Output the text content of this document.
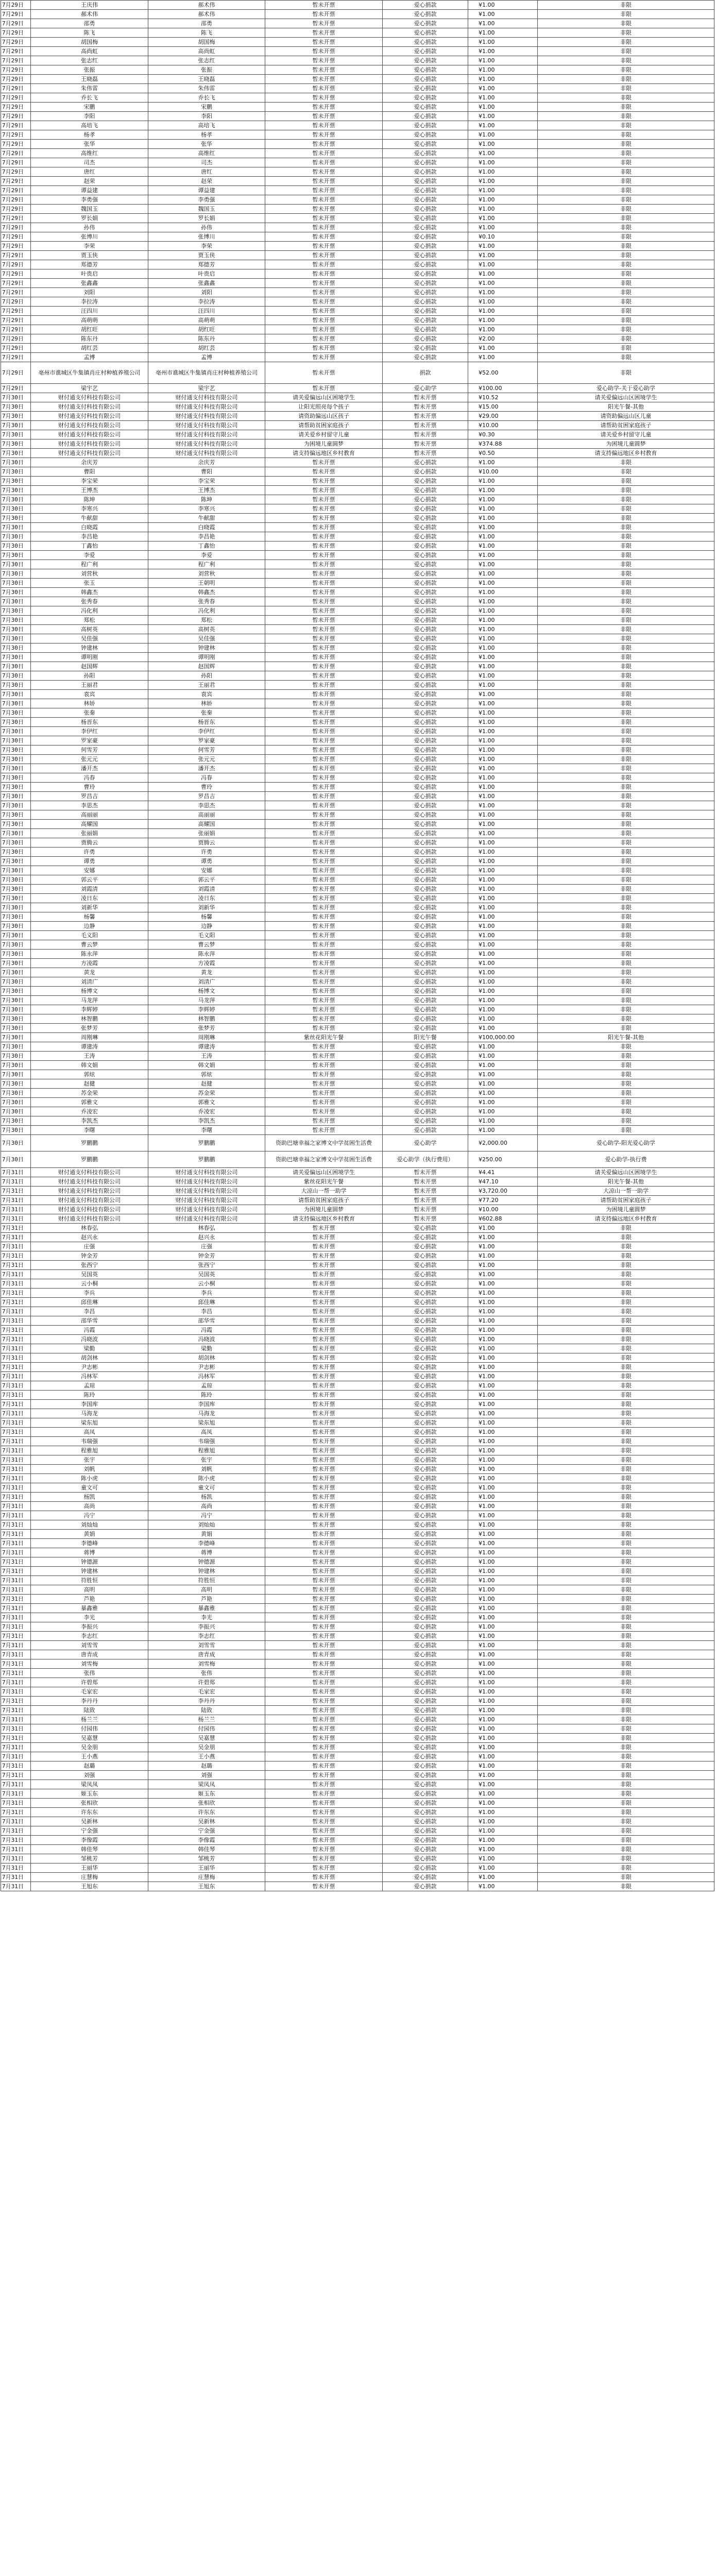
7月29日	王庆伟	郝术伟	暂未开票	爱心捐款	¥1.00	非限
7月29日	郝术伟	郝术伟	暂未开票	爱心捐款	¥1.00	非限
7月29日	邵勇	邵勇	暂未开票	爱心捐款	¥1.00	非限
7月29日	陈飞	陈飞	暂未开票	爱心捐款	¥1.00	非限
7月29日	胡国梅	胡国梅	暂未开票	爱心捐款	¥1.00	非限
7月29日	高尚虹	高尚虹	暂未开票	爱心捐款	¥1.00	非限
7月29日	张志红	张志红	暂未开票	爱心捐款	¥1.00	非限
7月29日	张振	张振	暂未开票	爱心捐款	¥1.00	非限
7月29日	王晓磊	王晓磊	暂未开票	爱心捐款	¥1.00	非限
7月29日	朱伟雷	朱伟雷	暂未开票	爱心捐款	¥1.00	非限
7月29日	乔长飞	乔长飞	暂未开票	爱心捐款	¥1.00	非限
7月29日	宋鹏	宋鹏	暂未开票	爱心捐款	¥1.00	非限
7月29日	李阳	李阳	暂未开票	爱心捐款	¥1.00	非限
7月29日	高培飞	高培飞	暂未开票	爱心捐款	¥1.00	非限
7月29日	杨孝	杨孝	暂未开票	爱心捐款	¥1.00	非限
7月29日	张华	张华	暂未开票	爱心捐款	¥1.00	非限
7月29日	高维红	高维红	暂未开票	爱心捐款	¥1.00	非限
7月29日	司杰	司杰	暂未开票	爱心捐款	¥1.00	非限
7月29日	唐红	唐红	暂未开票	爱心捐款	¥1.00	非限
7月29日	赵荣	赵荣	暂未开票	爱心捐款	¥1.00	非限
7月29日	谭益建	谭益建	暂未开票	爱心捐款	¥1.00	非限
7月29日	李勇强	李勇强	暂未开票	爱心捐款	¥1.00	非限
7月29日	魏国玉	魏国玉	暂未开票	爱心捐款	¥1.00	非限
7月29日	罗长娟	罗长娟	暂未开票	爱心捐款	¥1.00	非限
7月29日	孙伟	孙伟	暂未开票	爱心捐款	¥1.00	非限
7月29日	张博川	张博川	暂未开票	爱心捐款	¥0.10	非限
7月29日	李荣	李荣	暂未开票	爱心捐款	¥1.00	非限
7月29日	贾玉侠	贾玉侠	暂未开票	爱心捐款	¥1.00	非限
7月29日	郑德芳	郑德芳	暂未开票	爱心捐款	¥1.00	非限
7月29日	叶贵启	叶贵启	暂未开票	爱心捐款	¥1.00	非限
7月29日	张鑫鑫	张鑫鑫	暂未开票	爱心捐款	¥1.00	非限
7月29日	刘阳	刘阳	暂未开票	爱心捐款	¥1.00	非限
7月29日	李拉涛	李拉涛	暂未开票	爱心捐款	¥1.00	非限
7月29日	汪四川	汪四川	暂未开票	爱心捐款	¥1.00	非限
7月29日	高萌萌	高萌萌	暂未开票	爱心捐款	¥1.00	非限
7月29日	胡红旺	胡红旺	暂未开票	爱心捐款	¥1.00	非限
7月29日	陈东丹	陈东丹	暂未开票	爱心捐款	¥2.00	非限
7月29日	胡红芸	胡红芸	暂未开票	爱心捐款	¥1.00	非限
7月29日	孟博	孟博	暂未开票	爱心捐款	¥1.00	非限
7月29日	亳州市谯城区牛集镇肖庄村种植养殖公司	亳州市谯城区牛集镇肖庄村种植养殖公司	暂未开票	捐款	¥52.00	非限
7月29日	梁宇艺	梁宇艺	暂未开票	爱心助学	¥100.00	爱心助学-关于爱心助学
7月30日	财付通支付科技有限公司	财付通支付科技有限公司	请关爱偏远山区困境学生	暂未开票	¥10.52	请关爱偏远山区困境学生
7月30日	财付通支付科技有限公司	财付通支付科技有限公司	让阳光照亮每个孩子	暂未开票	¥15.00	阳光午餐-其他
7月30日	财付通支付科技有限公司	财付通支付科技有限公司	请资助偏远山区孩子	暂未开票	¥29.00	请资助偏远山区儿童
7月30日	财付通支付科技有限公司	财付通支付科技有限公司	请帮助贫困家庭孩子	暂未开票	¥10.00	请帮助贫困家庭孩子
7月30日	财付通支付科技有限公司	财付通支付科技有限公司	请关爱乡村留守儿童	暂未开票	¥0.30	请关爱乡村留守儿童
7月30日	财付通支付科技有限公司	财付通支付科技有限公司	为困境儿童圆梦	暂未开票	¥374.88	为困境儿童圆梦
7月30日	财付通支付科技有限公司	财付通支付科技有限公司	请支持偏远地区乡村教育	暂未开票	¥0.50	请支持偏远地区乡村教育
7月30日	余庆芳	余庆芳	暂未开票	爱心捐款	¥1.00	非限
7月30日	曹阳	曹阳	暂未开票	爱心捐款	¥10.00	非限
7月30日	李宝荣	李宝荣	暂未开票	爱心捐款	¥1.00	非限
7月30日	王博杰	王博杰	暂未开票	爱心捐款	¥1.00	非限
7月30日	陈坤	陈坤	暂未开票	爱心捐款	¥1.00	非限
7月30日	李寒兴	李寒兴	暂未开票	爱心捐款	¥1.00	非限
7月30日	牛献甜	牛献甜	暂未开票	爱心捐款	¥1.00	非限
7月30日	白晓霞	白晓霞	暂未开票	爱心捐款	¥1.00	非限
7月30日	李昌艳	李昌艳	暂未开票	爱心捐款	¥1.00	非限
7月30日	丁鑫怡	丁鑫怡	暂未开票	爱心捐款	¥1.00	非限
7月30日	李爱	李爱	暂未开票	爱心捐款	¥1.00	非限
7月30日	程广利	程广利	暂未开票	爱心捐款	¥1.00	非限
7月30日	刘营秋	刘营秋	暂未开票	爱心捐款	¥1.00	非限
7月30日	张玉	王朝明	暂未开票	爱心捐款	¥1.00	非限
7月30日	韩鑫杰	韩鑫杰	暂未开票	爱心捐款	¥1.00	非限
7月30日	张秀春	张秀春	暂未开票	爱心捐款	¥1.00	非限
7月30日	冯化利	冯化利	暂未开票	爱心捐款	¥1.00	非限
7月30日	郑松	郑松	暂未开票	爱心捐款	¥1.00	非限
7月30日	高树英	高树英	暂未开票	爱心捐款	¥1.00	非限
7月30日	吴佳强	吴佳强	暂未开票	爱心捐款	¥1.00	非限
7月30日	钟建林	钟建林	暂未开票	爱心捐款	¥1.00	非限
7月30日	谭明刚	谭明刚	暂未开票	爱心捐款	¥1.00	非限
7月30日	赵国辉	赵国辉	暂未开票	爱心捐款	¥1.00	非限
7月30日	孙阳	孙阳	暂未开票	爱心捐款	¥1.00	非限
7月30日	王丽君	王丽君	暂未开票	爱心捐款	¥1.00	非限
7月30日	袁宾	袁宾	暂未开票	爱心捐款	¥1.00	非限
7月30日	林娇	林娇	暂未开票	爱心捐款	¥1.00	非限
7月30日	张秦	张秦	暂未开票	爱心捐款	¥1.00	非限
7月30日	杨晋东	杨晋东	暂未开票	爱心捐款	¥1.00	非限
7月30日	李伊红	李伊红	暂未开票	爱心捐款	¥1.00	非限
7月30日	罗家豪	罗家豪	暂未开票	爱心捐款	¥1.00	非限
7月30日	何雪芳	何雪芳	暂未开票	爱心捐款	¥1.00	非限
7月30日	张元元	张元元	暂未开票	爱心捐款	¥1.00	非限
7月30日	潘开杰	潘开杰	暂未开票	爱心捐款	¥1.00	非限
7月30日	冯春	冯春	暂未开票	爱心捐款	¥1.00	非限
7月30日	曹玲	曹玲	暂未开票	爱心捐款	¥1.00	非限
7月30日	罗昌吉	罗昌吉	暂未开票	爱心捐款	¥1.00	非限
7月30日	李思杰	李思杰	暂未开票	爱心捐款	¥1.00	非限
7月30日	高丽丽	高丽丽	暂未开票	爱心捐款	¥1.00	非限
7月30日	高耀国	高耀国	暂未开票	爱心捐款	¥1.00	非限
7月30日	张丽娟	张丽娟	暂未开票	爱心捐款	¥1.00	非限
7月30日	贾腾云	贾腾云	暂未开票	爱心捐款	¥1.00	非限
7月30日	许勇	许勇	暂未开票	爱心捐款	¥1.00	非限
7月30日	谭勇	谭勇	暂未开票	爱心捐款	¥1.00	非限
7月30日	安娜	安娜	暂未开票	爱心捐款	¥1.00	非限
7月30日	郭云平	郭云平	暂未开票	爱心捐款	¥1.00	非限
7月30日	刘霞清	刘霞清	暂未开票	爱心捐款	¥1.00	非限
7月30日	凌日东	凌日东	暂未开票	爱心捐款	¥1.00	非限
7月30日	刘新华	刘新华	暂未开票	爱心捐款	¥1.00	非限
7月30日	杨馨	杨馨	暂未开票	爱心捐款	¥1.00	非限
7月30日	边静	边静	暂未开票	爱心捐款	¥1.00	非限
7月30日	毛义阳	毛义阳	暂未开票	爱心捐款	¥1.00	非限
7月30日	曹云梦	曹云梦	暂未开票	爱心捐款	¥1.00	非限
7月30日	陈永萍	陈永萍	暂未开票	爱心捐款	¥1.00	非限
7月30日	方凌霞	方凌霞	暂未开票	爱心捐款	¥1.00	非限
7月30日	黄龙	黄龙	暂未开票	爱心捐款	¥1.00	非限
7月30日	刘清广	刘清广	暂未开票	爱心捐款	¥1.00	非限
7月30日	杨博文	杨博文	暂未开票	爱心捐款	¥1.00	非限
7月30日	马龙萍	马龙萍	暂未开票	爱心捐款	¥1.00	非限
7月30日	李辉婷	李辉婷	暂未开票	爱心捐款	¥1.00	非限
7月30日	林智鹏	林智鹏	暂未开票	爱心捐款	¥1.00	非限
7月30日	张梦芳	张梦芳	暂未开票	爱心捐款	¥1.00	非限
7月30日	周刚琳	周刚琳	紫丝花阳光午餐	阳光午餐	¥100,000.00	阳光午餐-其他
7月30日	谭建涛	谭建涛	暂未开票	爱心捐款	¥1.00	非限
7月30日	王涛	王涛	暂未开票	爱心捐款	¥1.00	非限
7月30日	韩文娟	韩文娟	暂未开票	爱心捐款	¥1.00	非限
7月30日	郭炫	郭炫	暂未开票	爱心捐款	¥1.00	非限
7月30日	赵健	赵健	暂未开票	爱心捐款	¥1.00	非限
7月30日	苏金荣	苏金荣	暂未开票	爱心捐款	¥1.00	非限
7月30日	郭雅文	郭雅文	暂未开票	爱心捐款	¥1.00	非限
7月30日	乔凌宏	乔凌宏	暂未开票	爱心捐款	¥1.00	非限
7月30日	李凯杰	李凯杰	暂未开票	爱心捐款	¥1.00	非限
7月30日	李曙	李曙	暂未开票	爱心捐款	¥1.00	非限
7月30日	罗鹏鹏	罗鹏鹏	资助巴塘幸福之家博文中学贫困生活费	爱心助学	¥2,000.00	爱心助学-阳光爱心助学
7月30日	罗鹏鹏	罗鹏鹏	资助巴塘幸福之家博文中学贫困生活费	爱心助学（执行费用）	¥250.00	爱心助学-执行费
7月31日	财付通支付科技有限公司	财付通支付科技有限公司	请关爱偏远山区困境学生	暂未开票	¥4.41	请关爱偏远山区困境学生
7月31日	财付通支付科技有限公司	财付通支付科技有限公司	紫丝花阳光午餐	暂未开票	¥47.10	阳光午餐-其他
7月31日	财付通支付科技有限公司	财付通支付科技有限公司	大凉山一帮一助学	暂未开票	¥3,720.00	大凉山一帮一助学
7月31日	财付通支付科技有限公司	财付通支付科技有限公司	请帮助贫困家庭孩子	暂未开票	¥77.20	请帮助贫困家庭孩子
7月31日	财付通支付科技有限公司	财付通支付科技有限公司	为困境儿童圆梦	暂未开票	¥10.00	为困境儿童圆梦
7月31日	财付通支付科技有限公司	财付通支付科技有限公司	请支持偏远地区乡村教育	暂未开票	¥602.88	请支持偏远地区乡村教育
7月31日	林春弘	林春弘	暂未开票	爱心捐款	¥1.00	非限
7月31日	赵兴永	赵兴永	暂未开票	爱心捐款	¥1.00	非限
7月31日	庄强	庄强	暂未开票	爱心捐款	¥1.00	非限
7月31日	钟金芳	钟金芳	暂未开票	爱心捐款	¥1.00	非限
7月31日	张西宁	张西宁	暂未开票	爱心捐款	¥1.00	非限
7月31日	吴国英	吴国英	暂未开票	爱心捐款	¥1.00	非限
7月31日	云小桐	云小桐	暂未开票	爱心捐款	¥1.00	非限
7月31日	李兵	李兵	暂未开票	爱心捐款	¥1.00	非限
7月31日	邱佳琳	邱佳琳	暂未开票	爱心捐款	¥1.00	非限
7月31日	李昌	李昌	暂未开票	爱心捐款	¥1.00	非限
7月31日	邵华雪	邵华雪	暂未开票	爱心捐款	¥1.00	非限
7月31日	冯霞	冯霞	暂未开票	爱心捐款	¥1.00	非限
7月31日	冯晓波	冯晓波	暂未开票	爱心捐款	¥1.00	非限
7月31日	梁勤	梁勤	暂未开票	爱心捐款	¥1.00	非限
7月31日	胡剑林	胡剑林	暂未开票	爱心捐款	¥1.00	非限
7月31日	尹志彬	尹志彬	暂未开票	爱心捐款	¥1.00	非限
7月31日	冯林军	冯林军	暂未开票	爱心捐款	¥1.00	非限
7月31日	孟琼	孟琼	暂未开票	爱心捐款	¥1.00	非限
7月31日	陈玲	陈玲	暂未开票	爱心捐款	¥1.00	非限
7月31日	李国库	李国库	暂未开票	爱心捐款	¥1.00	非限
7月31日	马海龙	马海龙	暂未开票	爱心捐款	¥1.00	非限
7月31日	梁东旭	梁东旭	暂未开票	爱心捐款	¥1.00	非限
7月31日	高凤	高凤	暂未开票	爱心捐款	¥1.00	非限
7月31日	韦瑞强	韦瑞强	暂未开票	爱心捐款	¥1.00	非限
7月31日	程雅旭	程雅旭	暂未开票	爱心捐款	¥1.00	非限
7月31日	张宇	张宇	暂未开票	爱心捐款	¥1.00	非限
7月31日	刘帆	刘帆	暂未开票	爱心捐款	¥1.00	非限
7月31日	陈小虎	陈小虎	暂未开票	爱心捐款	¥1.00	非限
7月31日	童文可	童文可	暂未开票	爱心捐款	¥1.00	非限
7月31日	杨凯	杨凯	暂未开票	爱心捐款	¥1.00	非限
7月31日	高尚	高尚	暂未开票	爱心捐款	¥1.00	非限
7月31日	冯宁	冯宁	暂未开票	爱心捐款	¥1.00	非限
7月31日	刘灿灿	刘灿灿	暂未开票	爱心捐款	¥1.00	非限
7月31日	黄娟	黄娟	暂未开票	爱心捐款	¥1.00	非限
7月31日	李德峰	李德峰	暂未开票	爱心捐款	¥1.00	非限
7月31日	蒋博	蒋博	暂未开票	爱心捐款	¥1.00	非限
7月31日	钟德源	钟德源	暂未开票	爱心捐款	¥1.00	非限
7月31日	钟建林	钟建林	暂未开票	爱心捐款	¥1.00	非限
7月31日	符胜恒	符胜恒	暂未开票	爱心捐款	¥1.00	非限
7月31日	高明	高明	暂未开票	爱心捐款	¥1.00	非限
7月31日	芦艳	芦艳	暂未开票	爱心捐款	¥1.00	非限
7月31日	暴鑫雅	暴鑫雅	暂未开票	爱心捐款	¥1.00	非限
7月31日	李光	李光	暂未开票	爱心捐款	¥1.00	非限
7月31日	李振兴	李振兴	暂未开票	爱心捐款	¥1.00	非限
7月31日	李志红	李志红	暂未开票	爱心捐款	¥1.00	非限
7月31日	刘雪雪	刘雪雪	暂未开票	爱心捐款	¥1.00	非限
7月31日	唐青成	唐青成	暂未开票	爱心捐款	¥1.00	非限
7月31日	刘雪梅	刘雪梅	暂未开票	爱心捐款	¥1.00	非限
7月31日	张伟	张伟	暂未开票	爱心捐款	¥1.00	非限
7月31日	许碧郑	许碧郑	暂未开票	爱心捐款	¥1.00	非限
7月31日	毛家宏	毛家宏	暂未开票	爱心捐款	¥1.00	非限
7月31日	李丹丹	李丹丹	暂未开票	爱心捐款	¥1.00	非限
7月31日	陆致	陆致	暂未开票	爱心捐款	¥1.00	非限
7月31日	杨兰兰	杨兰兰	暂未开票	爱心捐款	¥1.00	非限
7月31日	付园伟	付园伟	暂未开票	爱心捐款	¥1.00	非限
7月31日	吴嘉慧	吴嘉慧	暂未开票	爱心捐款	¥1.00	非限
7月31日	吴金朋	吴金朋	暂未开票	爱心捐款	¥1.00	非限
7月31日	王小燕	王小燕	暂未开票	爱心捐款	¥1.00	非限
7月31日	赵璐	赵璐	暂未开票	爱心捐款	¥1.00	非限
7月31日	刘强	刘强	暂未开票	爱心捐款	¥1.00	非限
7月31日	梁凤凤	梁凤凤	暂未开票	爱心捐款	¥1.00	非限
7月31日	姬玉东	姬玉东	暂未开票	爱心捐款	¥1.00	非限
7月31日	张相欣	张相欣	暂未开票	爱心捐款	¥1.00	非限
7月31日	许东东	许东东	暂未开票	爱心捐款	¥1.00	非限
7月31日	吴新林	吴新林	暂未开票	爱心捐款	¥1.00	非限
7月31日	宁金强	宁金强	暂未开票	爱心捐款	¥1.00	非限
7月31日	李像霞	李像霞	暂未开票	爱心捐款	¥1.00	非限
7月31日	韩佳琴	韩佳琴	暂未开票	爱心捐款	¥1.00	非限
7月31日	邹桃芳	邹桃芳	暂未开票	爱心捐款	¥1.00	非限
7月31日	王丽华	王丽华	暂未开票	爱心捐款	¥1.00	非限
7月31日	庄慧梅	庄慧梅	暂未开票	爱心捐款	¥1.00	非限
7月31日	王旭东	王旭东	暂未开票	爱心捐款	¥1.00	非限
